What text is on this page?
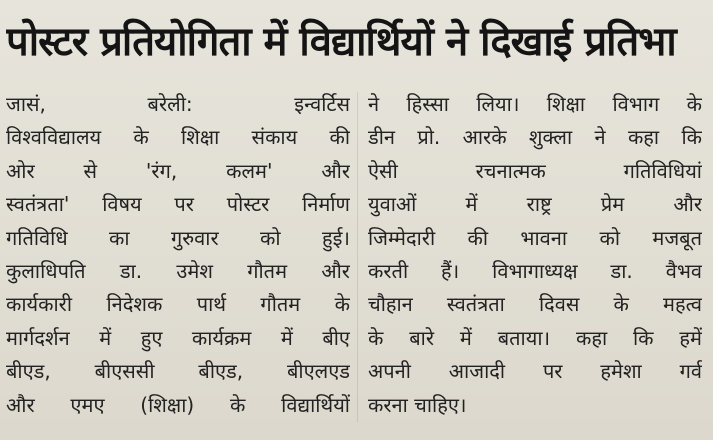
पोस्टर प्रतियोगिता में विद्यार्थियों ने दिखाई प्रतिभा
जासं, बरेली: इन्वर्टिस
विश्वविद्यालय के शिक्षा संकाय की
ओर से 'रंग, कलम' और
स्वतंत्रता' विषय पर पोस्टर निर्माण
गतिविधि का गुरुवार को हुई।
कुलाधिपति डा. उमेश गौतम और
कार्यकारी निदेशक पार्थ गौतम के
मार्गदर्शन में हुए कार्यक्रम में बीए
बीएड, बीएससी बीएड, बीएलएड
और एमए (शिक्षा) के विद्यार्थियों
ने हिस्सा लिया। शिक्षा विभाग के
डीन प्रो. आरके शुक्ला ने कहा कि
ऐसी रचनात्मक गतिविधियां
युवाओं में राष्ट्र प्रेम और
जिम्मेदारी की भावना को मजबूत
करती हैं। विभागाध्यक्ष डा. वैभव
चौहान स्वतंत्रता दिवस के महत्व
के बारे में बताया। कहा कि हमें
अपनी आजादी पर हमेशा गर्व
करना चाहिए।
